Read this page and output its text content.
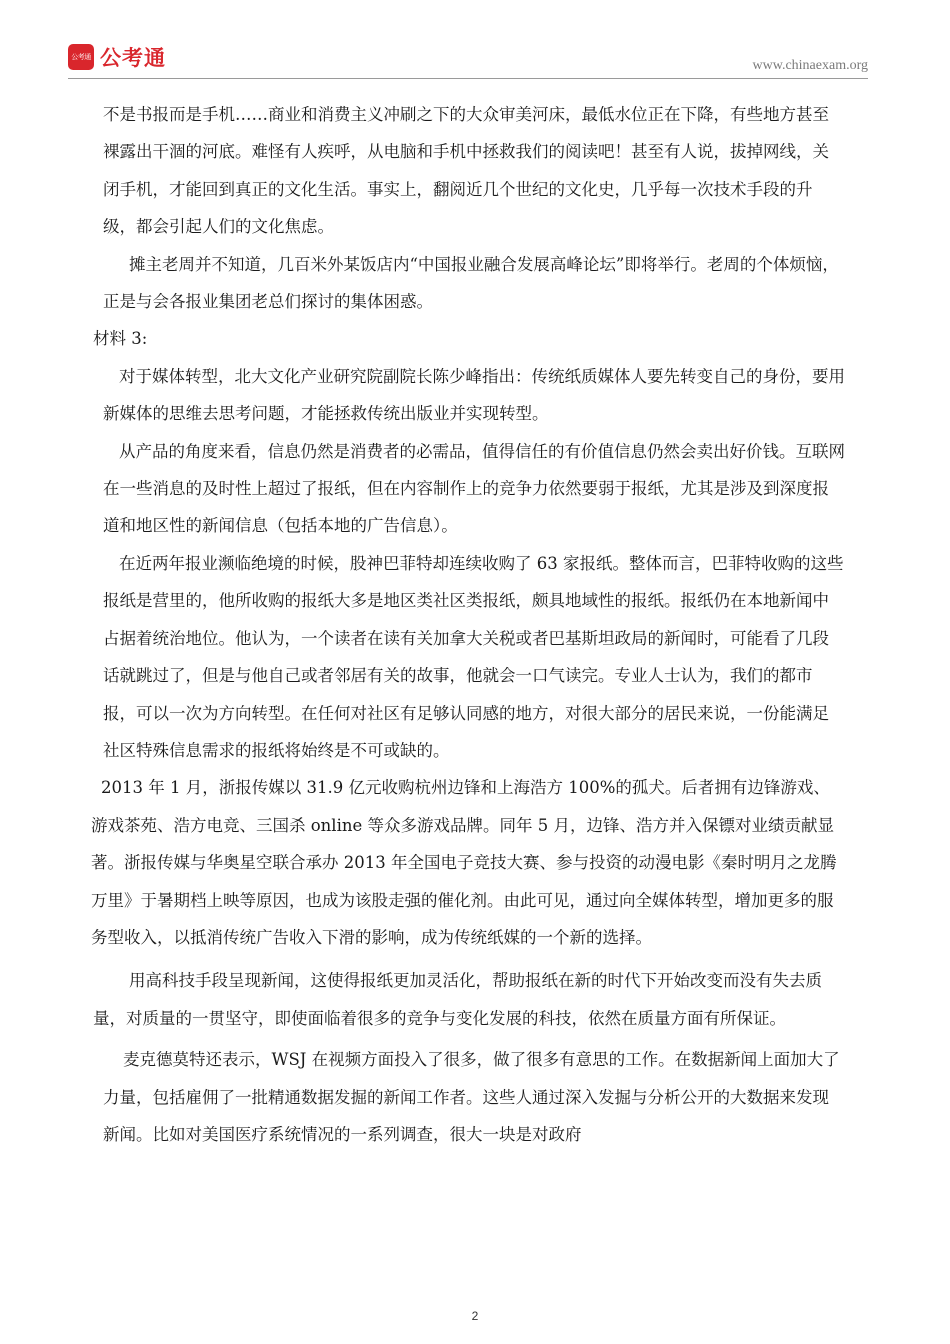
公考通 公考通	www.chinaexam.org

不是书报而是手机……商业和消费主义冲刷之下的大众审美河床，最低水位正在下降，有些地方甚至裸露出干涸的河底。难怪有人疾呼，从电脑和手机中拯救我们的阅读吧！甚至有人说，拔掉网线，关闭手机，才能回到真正的文化生活。事实上，翻阅近几个世纪的文化史，几乎每一次技术手段的升级，都会引起人们的文化焦虑。

摊主老周并不知道，几百米外某饭店内“中国报业融合发展高峰论坛”即将举行。老周的个体烦恼，正是与会各报业集团老总们探讨的集体困惑。

材料 3:

对于媒体转型，北大文化产业研究院副院长陈少峰指出：传统纸质媒体人要先转变自己的身份，要用新媒体的思维去思考问题，才能拯救传统出版业并实现转型。

从产品的角度来看，信息仍然是消费者的必需品，值得信任的有价值信息仍然会卖出好价钱。互联网在一些消息的及时性上超过了报纸，但在内容制作上的竞争力依然要弱于报纸，尤其是涉及到深度报道和地区性的新闻信息（包括本地的广告信息）。

在近两年报业濒临绝境的时候，股神巴菲特却连续收购了 63 家报纸。整体而言，巴菲特收购的这些报纸是营里的，他所收购的报纸大多是地区类社区类报纸，颇具地域性的报纸。报纸仍在本地新闻中占据着统治地位。他认为，一个读者在读有关加拿大关税或者巴基斯坦政局的新闻时，可能看了几段话就跳过了，但是与他自己或者邻居有关的故事，他就会一口气读完。专业人士认为，我们的都市报，可以一次为方向转型。在任何对社区有足够认同感的地方，对很大部分的居民来说，一份能满足社区特殊信息需求的报纸将始终是不可或缺的。

2013 年 1 月，浙报传媒以 31.9 亿元收购杭州边锋和上海浩方 100%的孤犬。后者拥有边锋游戏、游戏茶苑、浩方电竞、三国杀 online 等众多游戏品牌。同年 5 月，边锋、浩方并入保镖对业绩贡献显著。浙报传媒与华奥星空联合承办 2013 年全国电子竞技大赛、参与投资的动漫电影《秦时明月之龙腾万里》于暑期档上映等原因，也成为该股走强的催化剂。由此可见，通过向全媒体转型，增加更多的服务型收入，以抵消传统广告收入下滑的影响，成为传统纸媒的一个新的选择。

用高科技手段呈现新闻，这使得报纸更加灵活化，帮助报纸在新的时代下开始改变而没有失去质量，对质量的一贯坚守，即使面临着很多的竞争与变化发展的科技，依然在质量方面有所保证。

麦克德莫特还表示，WSJ 在视频方面投入了很多，做了很多有意思的工作。在数据新闻上面加大了力量，包括雇佣了一批精通数据发掘的新闻工作者。这些人通过深入发掘与分析公开的大数据来发现新闻。比如对美国医疗系统情况的一系列调查，很大一块是对政府

2
